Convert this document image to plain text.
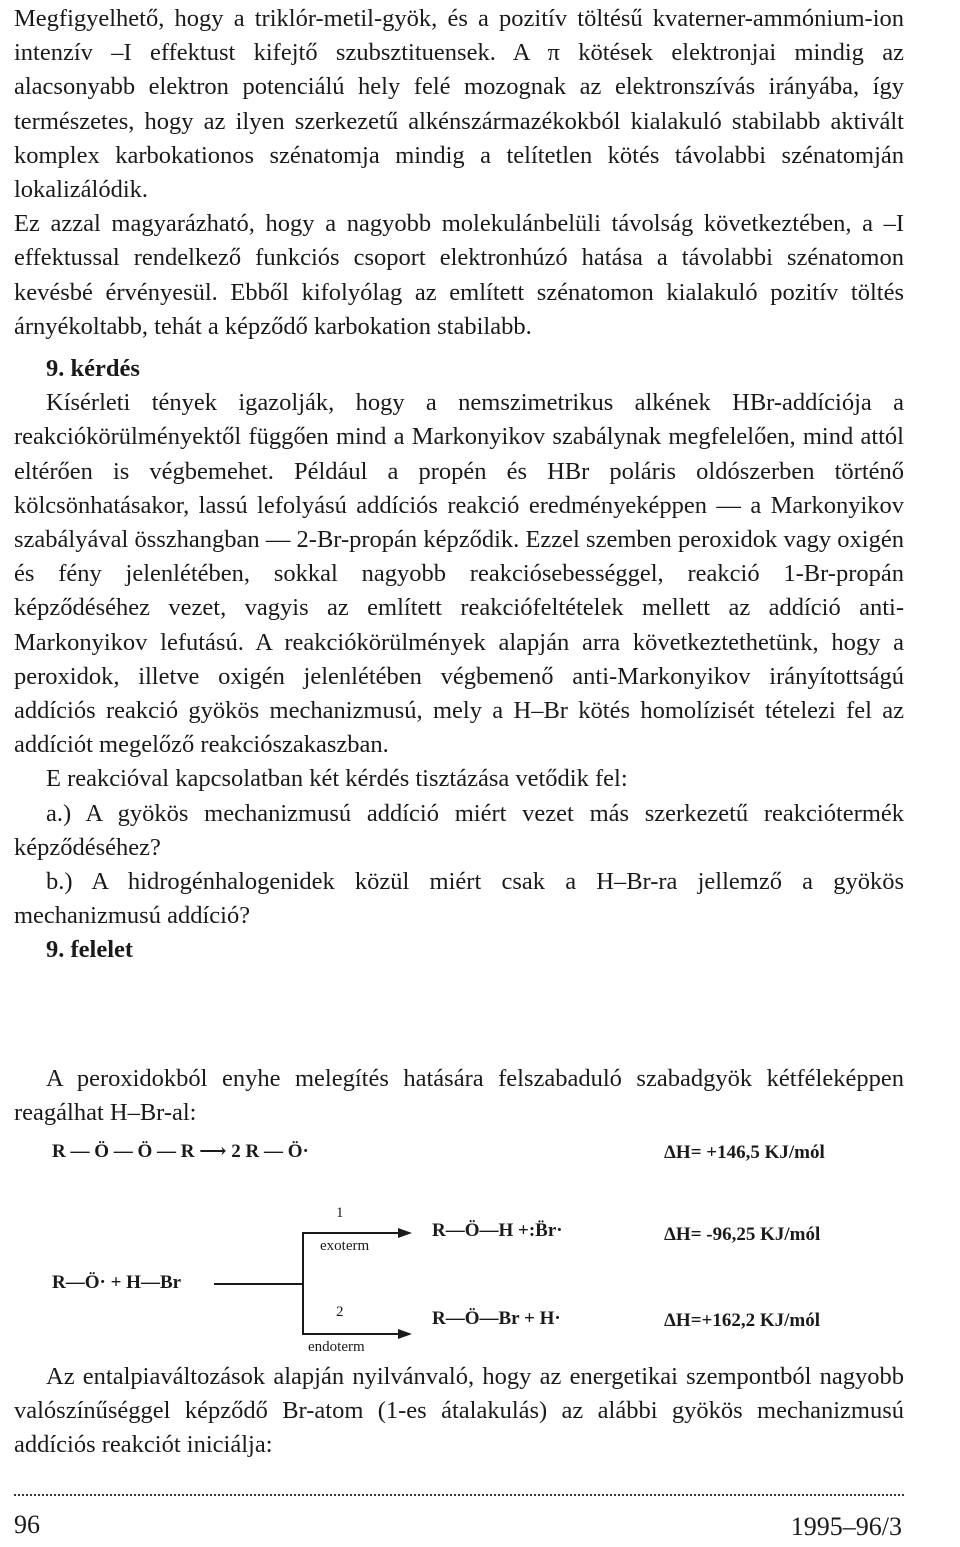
Megfigyelhető, hogy a triklór-metil-gyök, és a pozitív töltésű kvaterner-ammónium-ion intenzív –I effektust kifejtő szubsztituensek. A π kötések elektronjai mindig az alacsonyabb elektron potenciálú hely felé mozognak az elektronszívás irányába, így természetes, hogy az ilyen szerkezetű alkénszármazékokból kialakuló stabilabb aktivált komplex karbokationos szénatomja mindig a telítetlen kötés távolabbi szénatomján lokalizálódik.

Ez azzal magyarázható, hogy a nagyobb molekulánbelüli távolság következtében, a –I effektussal rendelkező funkciós csoport elektronhúzó hatása a távolabbi szénatomon kevésbé érvényesül. Ebből kifolyólag az említett szénatomon kialakuló pozitív töltés árnyékoltabb, tehát a képződő karbokation stabilabb.

9. kérdés

Kísérleti tények igazolják, hogy a nemszimetrikus alkének HBr-addíciója a reakciókörülményektől függően mind a Markonyikov szabálynak megfelelően, mind attól eltérően is végbemehet. Például a propén és HBr poláris oldószerben történő kölcsönhatásakor, lassú lefolyású addíciós reakció eredményeképpen — a Markonyikov szabályával összhangban — 2-Br-propán képződik. Ezzel szemben peroxidok vagy oxigén és fény jelenlétében, sokkal nagyobb reakciósebességgel, reakció 1-Br-propán képződéséhez vezet, vagyis az említett reakciófeltételek mellett az addíció anti-Markonyikov lefutású. A reakciókörülmények alapján arra következtethetünk, hogy a peroxidok, illetve oxigén jelenlétében végbemenő anti-Markonyikov irányítottságú addíciós reakció gyökös mechanizmusú, mely a H–Br kötés homolízisét tételezi fel az addíciót megelőző reakciószakaszban.

E reakcióval kapcsolatban két kérdés tisztázása vetődik fel:

a.) A gyökös mechanizmusú addíció miért vezet más szerkezetű reakciótermék képződéséhez?

b.) A hidrogénhalogenidek közül miért csak a H–Br-ra jellemző a gyökös mechanizmusú addíció?

9. felelet

A peroxidokból enyhe melegítés hatására felszabaduló szabadgyök kétféleképpen reagálhat H–Br-al:

R — Ö — Ö — R ⟶ 2 R — Ö·	ΔH= +146,5 KJ/mól
R—Ö· + H—Br
1
exoterm
R—Ö—H +:B̈r·	ΔH= -96,25 KJ/mól
2
endoterm
R—Ö—Br + H·	ΔH=+162,2 KJ/mól

Az entalpiaváltozások alapján nyilvánvaló, hogy az energetikai szempontból nagyobb valószínűséggel képződő Br-atom (1-es átalakulás) az alábbi gyökös mechanizmusú addíciós reakciót iniciálja:

96	1995–96/3
